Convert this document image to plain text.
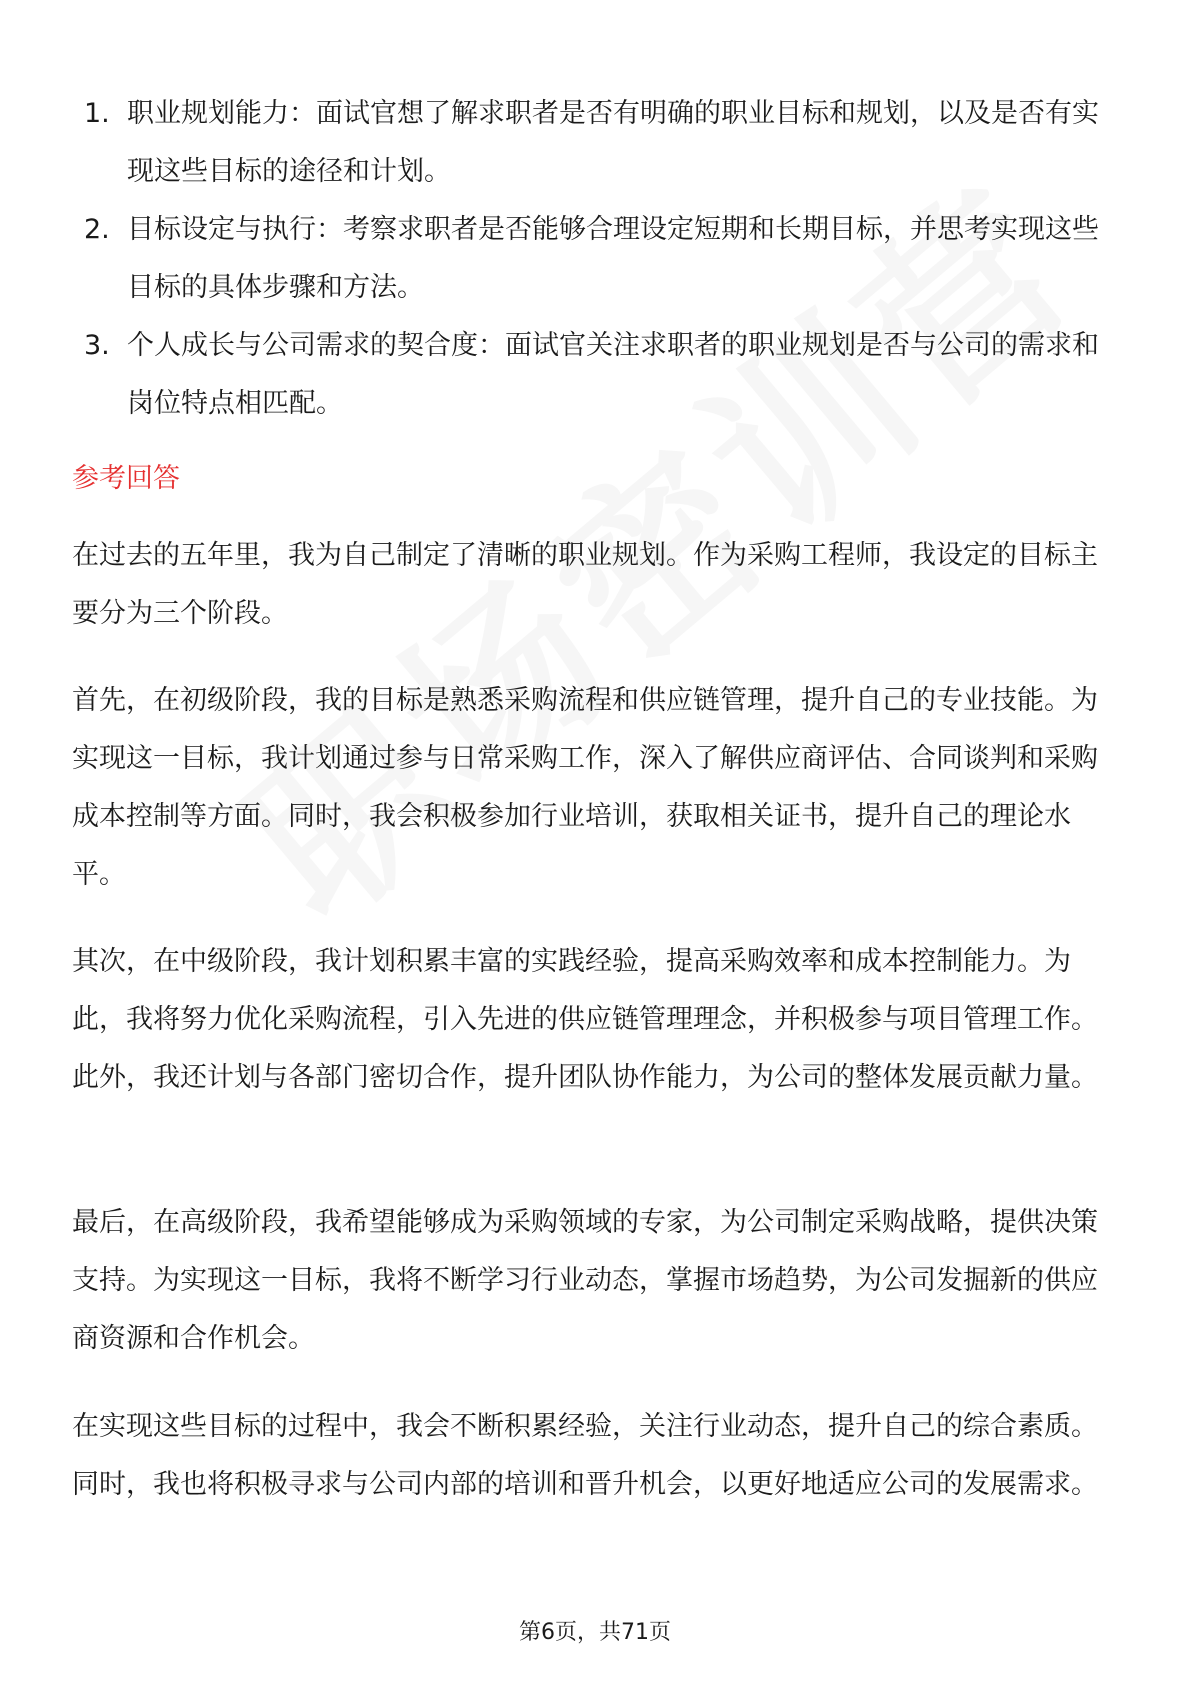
1. 职业规划能力：面试官想了解求职者是否有明确的职业目标和规划，以及是否有实现这些目标的途径和计划。
2. 目标设定与执行：考察求职者是否能够合理设定短期和长期目标，并思考实现这些目标的具体步骤和方法。
3. 个人成长与公司需求的契合度：面试官关注求职者的职业规划是否与公司的需求和岗位特点相匹配。
参考回答

在过去的五年里，我为自己制定了清晰的职业规划。作为采购工程师，我设定的目标主要分为三个阶段。

首先，在初级阶段，我的目标是熟悉采购流程和供应链管理，提升自己的专业技能。为实现这一目标，我计划通过参与日常采购工作，深入了解供应商评估、合同谈判和采购成本控制等方面。同时，我会积极参加行业培训，获取相关证书，提升自己的理论水平。

其次，在中级阶段，我计划积累丰富的实践经验，提高采购效率和成本控制能力。为此，我将努力优化采购流程，引入先进的供应链管理理念，并积极参与项目管理工作。此外，我还计划与各部门密切合作，提升团队协作能力，为公司的整体发展贡献力量。

最后，在高级阶段，我希望能够成为采购领域的专家，为公司制定采购战略，提供决策支持。为实现这一目标，我将不断学习行业动态，掌握市场趋势，为公司发掘新的供应商资源和合作机会。

在实现这些目标的过程中，我会不断积累经验，关注行业动态，提升自己的综合素质。同时，我也将积极寻求与公司内部的培训和晋升机会，以更好地适应公司的发展需求。

第6页，共71页
